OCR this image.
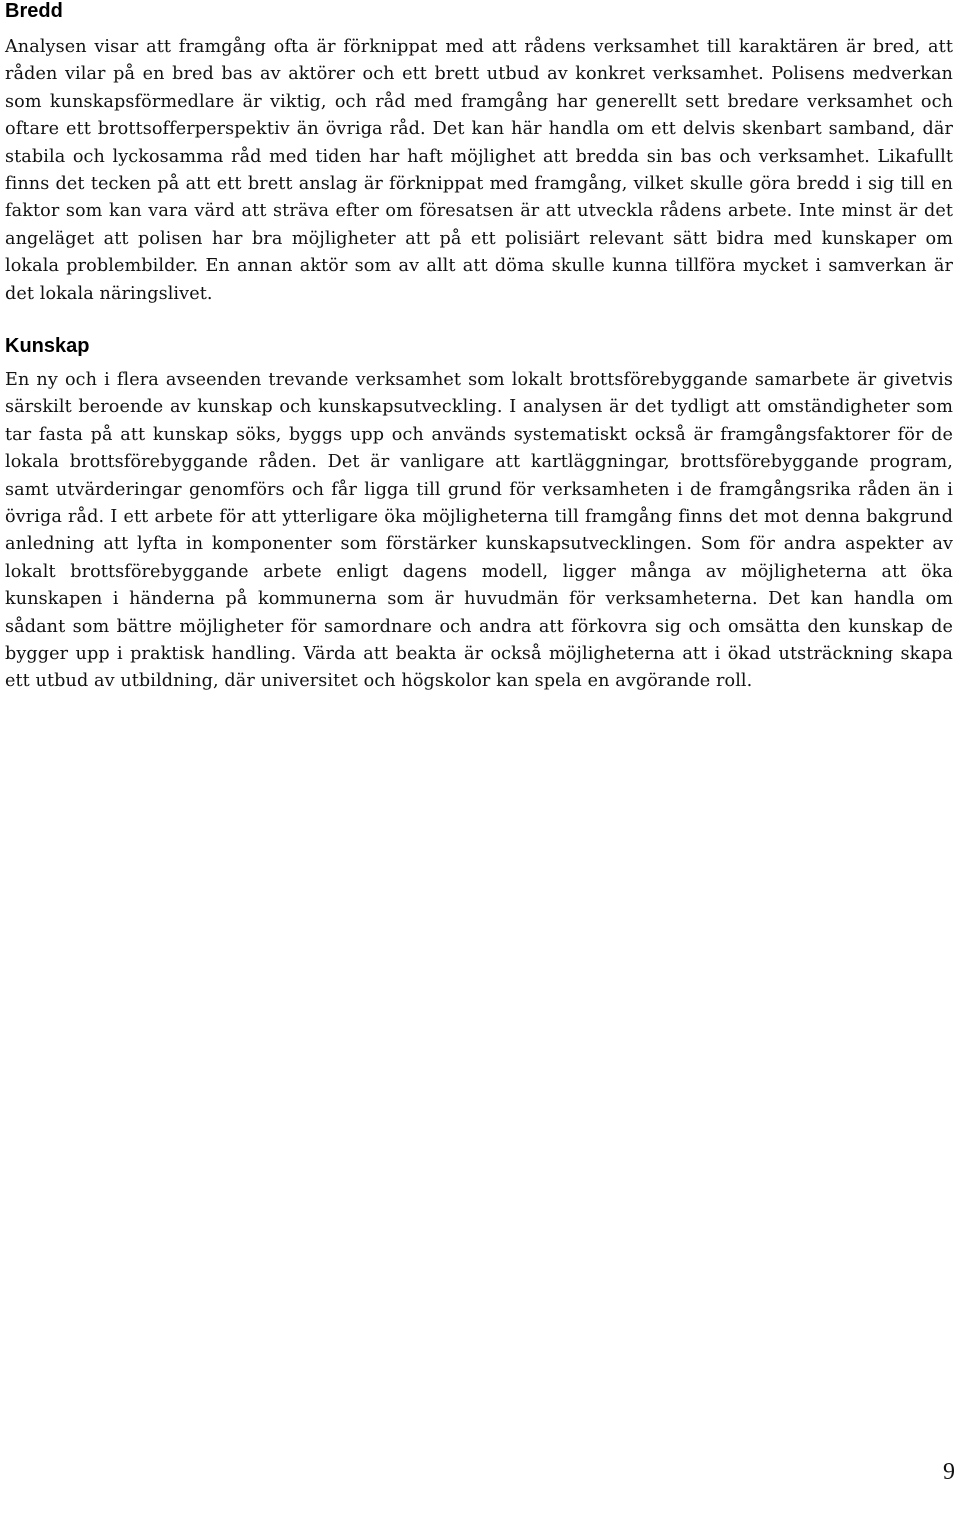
Bredd

Analysen visar att framgång ofta är förknippat med att rådens verksamhet till karaktären är bred, att råden vilar på en bred bas av aktörer och ett brett utbud av konkret verksamhet. Polisens medverkan som kunskapsförmedlare är viktig, och råd med framgång har generellt sett bredare verksamhet och oftare ett brottsofferperspektiv än övriga råd. Det kan här handla om ett delvis skenbart samband, där stabila och lyckosamma råd med tiden har haft möjlighet att bredda sin bas och verksamhet. Likafullt finns det tecken på att ett brett anslag är förknippat med framgång, vilket skulle göra bredd i sig till en faktor som kan vara värd att sträva efter om föresatsen är att utveckla rådens arbete. Inte minst är det angeläget att polisen har bra möjligheter att på ett polisiärt relevant sätt bidra med kunskaper om lokala problembilder. En annan aktör som av allt att döma skulle kunna tillföra mycket i samverkan är det lokala näringslivet.

Kunskap

En ny och i flera avseenden trevande verksamhet som lokalt brottsförebyggande samarbete är givetvis särskilt beroende av kunskap och kunskapsutveckling. I analysen är det tydligt att omständigheter som tar fasta på att kunskap söks, byggs upp och används systematiskt också är framgångsfaktorer för de lokala brottsförebyggande råden. Det är vanligare att kartläggningar, brottsförebyggande program, samt utvärderingar genomförs och får ligga till grund för verksamheten i de framgångsrika råden än i övriga råd. I ett arbete för att ytterligare öka möjligheterna till framgång finns det mot denna bakgrund anledning att lyfta in komponenter som förstärker kunskapsutvecklingen. Som för andra aspekter av lokalt brottsförebyggande arbete enligt dagens modell, ligger många av möjligheterna att öka kunskapen i händerna på kommunerna som är huvudmän för verksamheterna. Det kan handla om sådant som bättre möjligheter för samordnare och andra att förkovra sig och omsätta den kunskap de bygger upp i praktisk handling. Värda att beakta är också möjligheterna att i ökad utsträckning skapa ett utbud av utbildning, där universitet och högskolor kan spela en avgörande roll.

9
